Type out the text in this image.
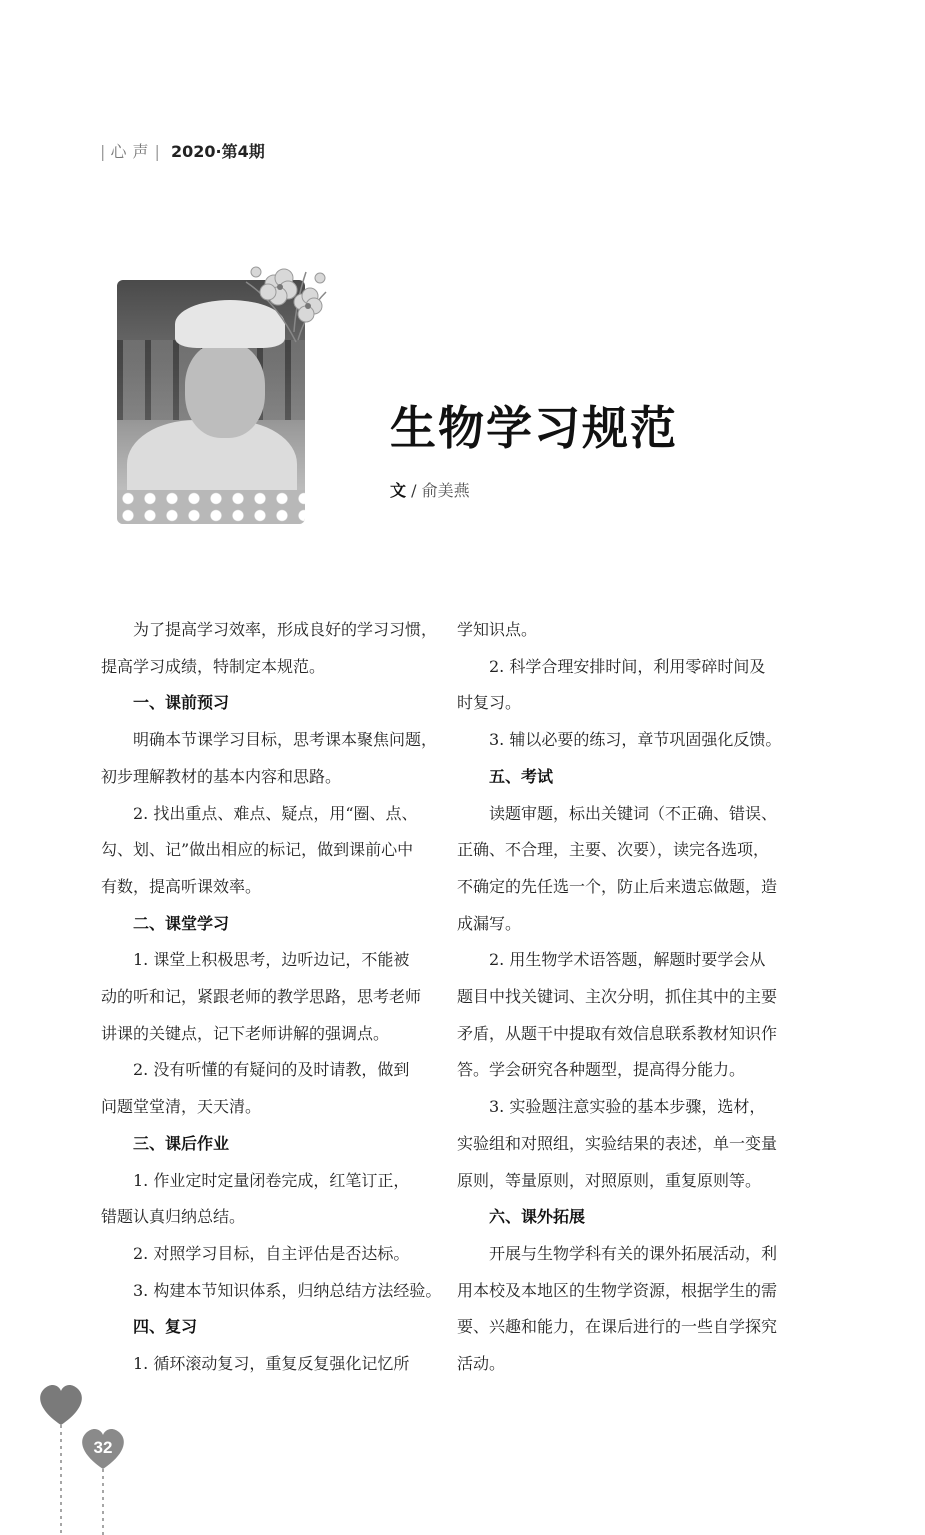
| 心声| 2020·第4期
生物学习规范
文 / 俞美燕

为了提高学习效率，形成良好的学习习惯，

提高学习成绩，特制定本规范。

一、课前预习

明确本节课学习目标，思考课本聚焦问题，

初步理解教材的基本内容和思路。

2. 找出重点、难点、疑点，用“圈、点、

勾、划、记”做出相应的标记，做到课前心中

有数，提高听课效率。

二、课堂学习

1. 课堂上积极思考，边听边记，不能被

动的听和记，紧跟老师的教学思路，思考老师

讲课的关键点，记下老师讲解的强调点。

2. 没有听懂的有疑问的及时请教，做到

问题堂堂清，天天清。

三、课后作业

1. 作业定时定量闭卷完成，红笔订正，

错题认真归纳总结。

2. 对照学习目标，自主评估是否达标。

3. 构建本节知识体系，归纳总结方法经验。

四、复习

1. 循环滚动复习，重复反复强化记忆所

学知识点。

2. 科学合理安排时间，利用零碎时间及

时复习。

3. 辅以必要的练习，章节巩固强化反馈。

五、考试

读题审题，标出关键词（不正确、错误、

正确、不合理，主要、次要），读完各选项，

不确定的先任选一个，防止后来遗忘做题，造

成漏写。

2. 用生物学术语答题，解题时要学会从

题目中找关键词、主次分明，抓住其中的主要

矛盾，从题干中提取有效信息联系教材知识作

答。学会研究各种题型，提高得分能力。

3. 实验题注意实验的基本步骤，选材，

实验组和对照组，实验结果的表述，单一变量

原则，等量原则，对照原则，重复原则等。

六、课外拓展

开展与生物学科有关的课外拓展活动，利

用本校及本地区的生物学资源，根据学生的需

要、兴趣和能力，在课后进行的一些自学探究

活动。

32
